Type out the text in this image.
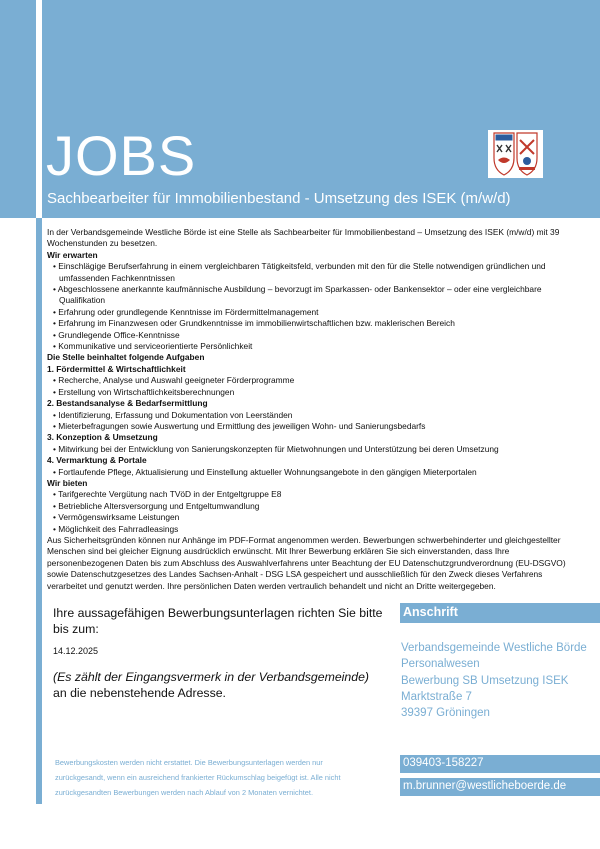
JOBS
Sachbearbeiter für Immobilienbestand - Umsetzung des ISEK (m/w/d)

In der Verbandsgemeinde Westliche Börde ist eine Stelle als Sachbearbeiter für Immobilienbestand – Umsetzung des ISEK (m/w/d) mit 39 Wochenstunden zu besetzen.

Wir erwarten

• Einschlägige Berufserfahrung in einem vergleichbaren Tätigkeitsfeld, verbunden mit den für die Stelle notwendigen gründlichen und umfassenden Fachkenntnissen

• Abgeschlossene anerkannte kaufmännische Ausbildung – bevorzugt im Sparkassen- oder Bankensektor – oder eine vergleichbare Qualifikation

• Erfahrung oder grundlegende Kenntnisse im Fördermittelmanagement

• Erfahrung im Finanzwesen oder Grundkenntnisse im immobilienwirtschaftlichen bzw. maklerischen Bereich

• Grundlegende Office-Kenntnisse

• Kommunikative und serviceorientierte Persönlichkeit

Die Stelle beinhaltet folgende Aufgaben

1. Fördermittel & Wirtschaftlichkeit

• Recherche, Analyse und Auswahl geeigneter Förderprogramme

• Erstellung von Wirtschaftlichkeitsberechnungen

2. Bestandsanalyse & Bedarfsermittlung

• Identifizierung, Erfassung und Dokumentation von Leerständen

• Mieterbefragungen sowie Auswertung und Ermittlung des jeweiligen Wohn- und Sanierungsbedarfs

3. Konzeption & Umsetzung

• Mitwirkung bei der Entwicklung von Sanierungskonzepten für Mietwohnungen und Unterstützung bei deren Umsetzung

4. Vermarktung & Portale

• Fortlaufende Pflege, Aktualisierung und Einstellung aktueller Wohnungsangebote in den gängigen Mieterportalen

Wir bieten

• Tarifgerechte Vergütung nach TVöD in der Entgeltgruppe E8

• Betriebliche Altersversorgung und Entgeltumwandlung

• Vermögenswirksame Leistungen

• Möglichkeit des Fahrradleasings

Aus Sicherheitsgründen können nur Anhänge im PDF-Format angenommen werden. Bewerbungen schwerbehinderter und gleichgestellter Menschen sind bei gleicher Eignung ausdrücklich erwünscht. Mit Ihrer Bewerbung erklären Sie sich einverstanden, dass Ihre personenbezogenen Daten bis zum Abschluss des Auswahlverfahrens unter Beachtung der EU Datenschutzgrundverordnung (EU-DSGVO) sowie Datenschutzgesetzes des Landes Sachsen-Anhalt - DSG LSA gespeichert und ausschließlich für den Zweck dieses Verfahrens verarbeitet und genutzt werden. Ihre persönlichen Daten werden vertraulich behandelt und nicht an Dritte weitergegeben.

Ihre aussagefähigen Bewerbungsunterlagen richten Sie bitte bis zum:

14.12.2025

(Es zählt der Eingangsvermerk in der Verbandsgemeinde)

an die nebenstehende Adresse.

Anschrift

Verbandsgemeinde Westliche Börde

Personalwesen

Bewerbung SB Umsetzung ISEK

Marktstraße 7

39397 Gröningen

Bewerbungskosten werden nicht erstattet. Die Bewerbungsunterlagen werden nur zurückgesandt, wenn ein ausreichend frankierter Rückumschlag beigefügt ist. Alle nicht zurückgesandten Bewerbungen werden nach Ablauf von 2 Monaten vernichtet.
039403-158227
m.brunner@westlicheboerde.de
